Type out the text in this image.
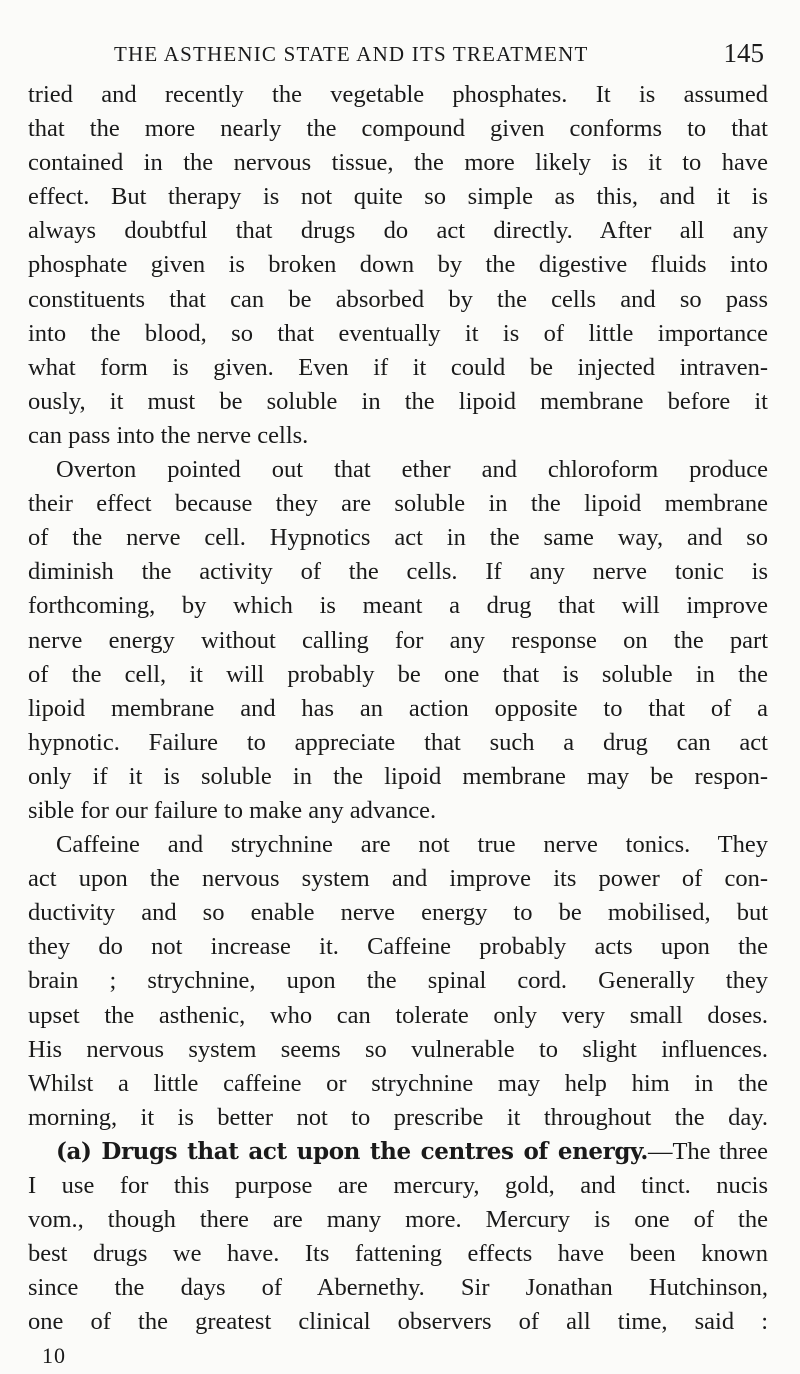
THE ASTHENIC STATE AND ITS TREATMENT	145
tried and recently the vegetable phosphates. It is assumed
that the more nearly the compound given conforms to that
contained in the nervous tissue, the more likely is it to have
effect. But therapy is not quite so simple as this, and it is
always doubtful that drugs do act directly. After all any
phosphate given is broken down by the digestive fluids into
constituents that can be absorbed by the cells and so pass
into the blood, so that eventually it is of little importance
what form is given. Even if it could be injected intraven-
ously, it must be soluble in the lipoid membrane before it
can pass into the nerve cells.
Overton pointed out that ether and chloroform produce
their effect because they are soluble in the lipoid membrane
of the nerve cell. Hypnotics act in the same way, and so
diminish the activity of the cells. If any nerve tonic is
forthcoming, by which is meant a drug that will improve
nerve energy without calling for any response on the part
of the cell, it will probably be one that is soluble in the
lipoid membrane and has an action opposite to that of a
hypnotic. Failure to appreciate that such a drug can act
only if it is soluble in the lipoid membrane may be respon-
sible for our failure to make any advance.
Caffeine and strychnine are not true nerve tonics. They
act upon the nervous system and improve its power of con-
ductivity and so enable nerve energy to be mobilised, but
they do not increase it. Caffeine probably acts upon the
brain ; strychnine, upon the spinal cord. Generally they
upset the asthenic, who can tolerate only very small doses.
His nervous system seems so vulnerable to slight influences.
Whilst a little caffeine or strychnine may help him in the
morning, it is better not to prescribe it throughout the day.
(a) Drugs that act upon the centres of energy.—The three
I use for this purpose are mercury, gold, and tinct. nucis
vom., though there are many more. Mercury is one of the
best drugs we have. Its fattening effects have been known
since the days of Abernethy. Sir Jonathan Hutchinson,
one of the greatest clinical observers of all time, said :
10
